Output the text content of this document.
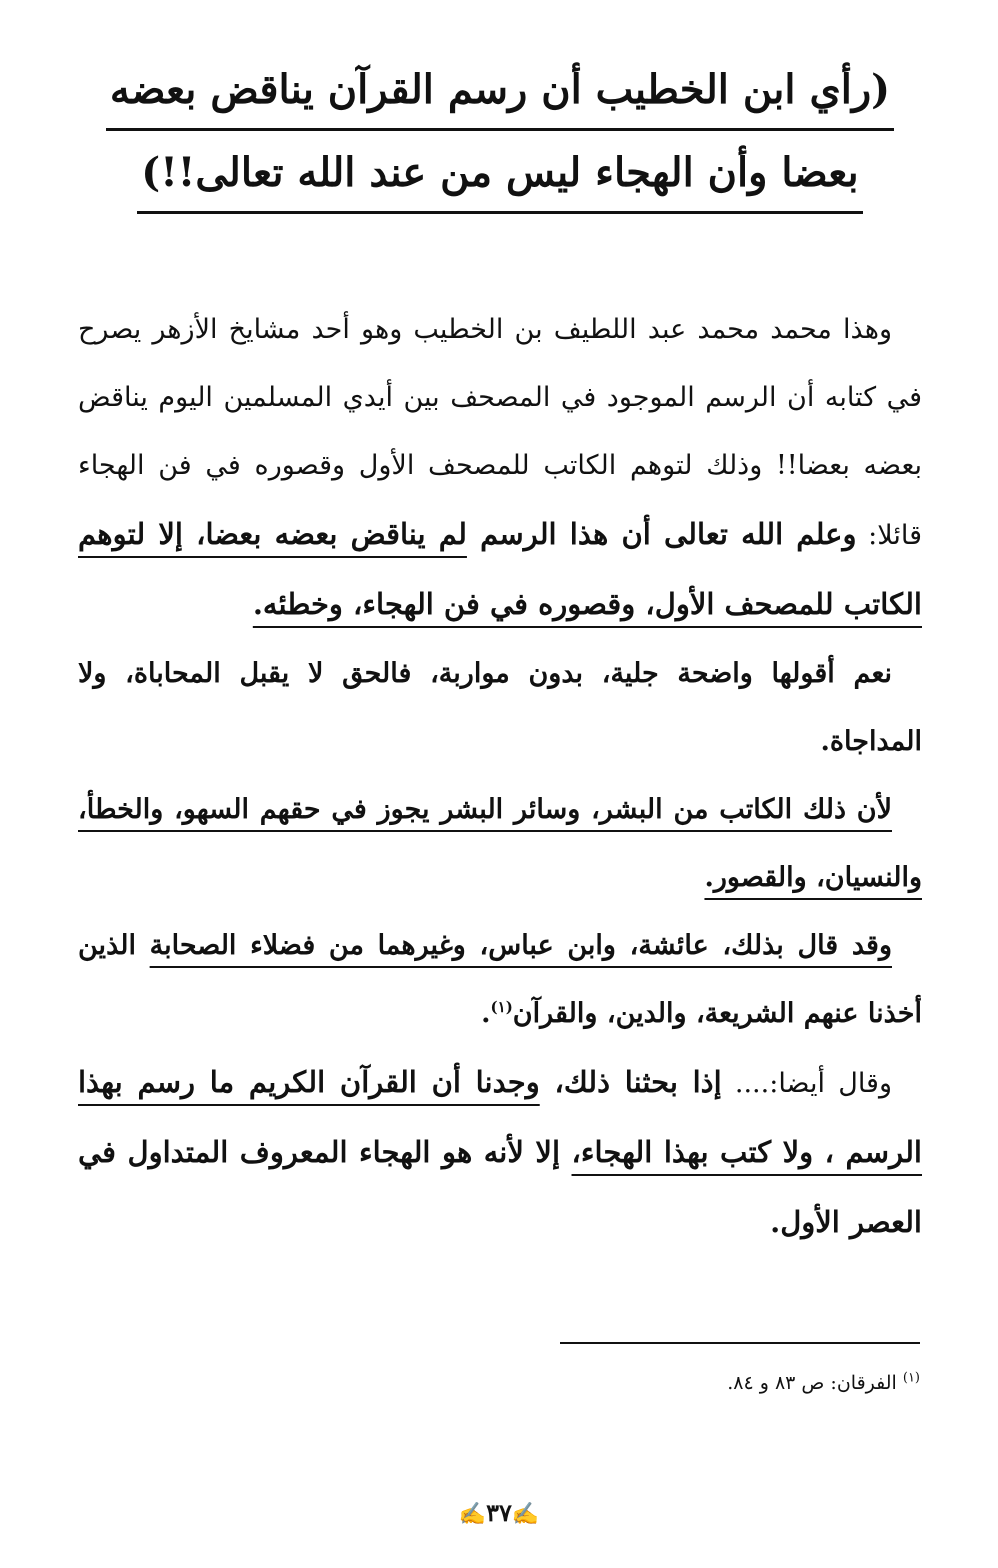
(رأي ابن الخطيب أن رسم القرآن يناقض بعضه
بعضا وأن الهجاء ليس من عند الله تعالى!!)

وهذا محمد محمد عبد اللطيف بن الخطيب وهو أحد مشايخ الأزهر يصرح في كتابه أن الرسم الموجود في المصحف بين أيدي المسلمين اليوم يناقض بعضه بعضا!! وذلك لتوهم الكاتب للمصحف الأول وقصوره في فن الهجاء قائلا: وعلم الله تعالى أن هذا الرسم لم يناقض بعضه بعضا، إلا لتوهم الكاتب للمصحف الأول، وقصوره في فن الهجاء، وخطئه.

نعم أقولها واضحة جلية، بدون مواربة، فالحق لا يقبل المحاباة، ولا المداجاة.

لأن ذلك الكاتب من البشر، وسائر البشر يجوز في حقهم السهو، والخطأ، والنسيان، والقصور.

وقد قال بذلك، عائشة، وابن عباس، وغيرهما من فضلاء الصحابة الذين أخذنا عنهم الشريعة، والدين، والقرآن$^{(١)}$.

وقال أيضا:.... إذا بحثنا ذلك، وجدنا أن القرآن الكريم ما رسم بهذا الرسم ، ولا كتب بهذا الهجاء، إلا لأنه هو الهجاء المعروف المتداول في العصر الأول.

$^{(١)}$ الفرقان: ص ٨٣ و ٨٤.
✍٣٧✍
